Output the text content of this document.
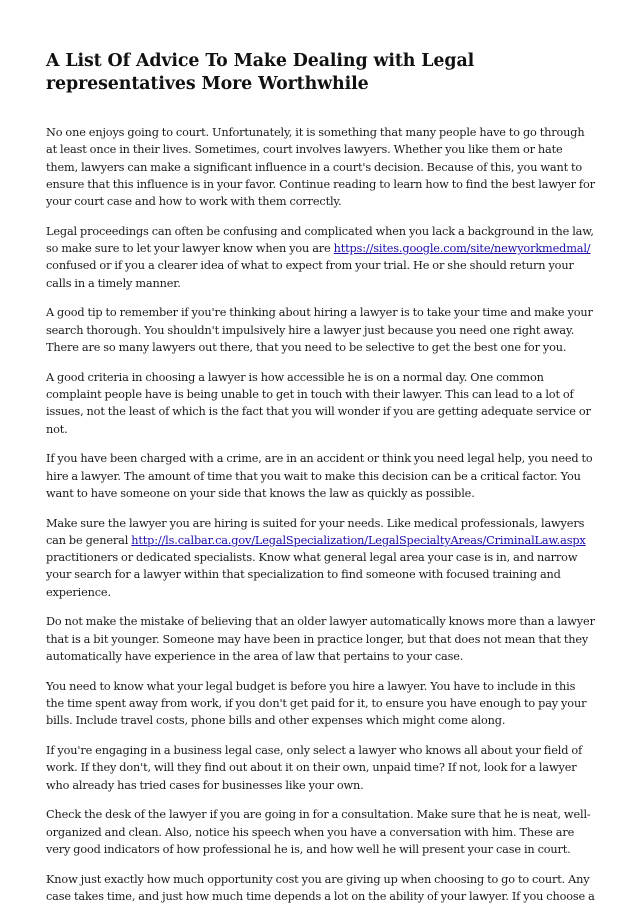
A List Of Advice To Make Dealing with Legal representatives More Worthwhile

No one enjoys going to court. Unfortunately, it is something that many people have to go through at least once in their lives. Sometimes, court involves lawyers. Whether you like them or hate them, lawyers can make a significant influence in a court's decision. Because of this, you want to ensure that this influence is in your favor. Continue reading to learn how to find the best lawyer for your court case and how to work with them correctly.

Legal proceedings can often be confusing and complicated when you lack a background in the law, so make sure to let your lawyer know when you are https://sites.google.com/site/newyorkmedmal/ confused or if you a clearer idea of what to expect from your trial. He or she should return your calls in a timely manner.

A good tip to remember if you're thinking about hiring a lawyer is to take your time and make your search thorough. You shouldn't impulsively hire a lawyer just because you need one right away. There are so many lawyers out there, that you need to be selective to get the best one for you.

A good criteria in choosing a lawyer is how accessible he is on a normal day. One common complaint people have is being unable to get in touch with their lawyer. This can lead to a lot of issues, not the least of which is the fact that you will wonder if you are getting adequate service or not.

If you have been charged with a crime, are in an accident or think you need legal help, you need to hire a lawyer. The amount of time that you wait to make this decision can be a critical factor. You want to have someone on your side that knows the law as quickly as possible.

Make sure the lawyer you are hiring is suited for your needs. Like medical professionals, lawyers can be general http://ls.calbar.ca.gov/LegalSpecialization/LegalSpecialtyAreas/CriminalLaw.aspx practitioners or dedicated specialists. Know what general legal area your case is in, and narrow your search for a lawyer within that specialization to find someone with focused training and experience.

Do not make the mistake of believing that an older lawyer automatically knows more than a lawyer that is a bit younger. Someone may have been in practice longer, but that does not mean that they automatically have experience in the area of law that pertains to your case.

You need to know what your legal budget is before you hire a lawyer. You have to include in this the time spent away from work, if you don't get paid for it, to ensure you have enough to pay your bills. Include travel costs, phone bills and other expenses which might come along.

If you're engaging in a business legal case, only select a lawyer who knows all about your field of work. If they don't, will they find out about it on their own, unpaid time? If not, look for a lawyer who already has tried cases for businesses like your own.

Check the desk of the lawyer if you are going in for a consultation. Make sure that he is neat, well-organized and clean. Also, notice his speech when you have a conversation with him. These are very good indicators of how professional he is, and how well he will present your case in court.

Know just exactly how much opportunity cost you are giving up when choosing to go to court. Any case takes time, and just how much time depends a lot on the ability of your lawyer. If you choose a
